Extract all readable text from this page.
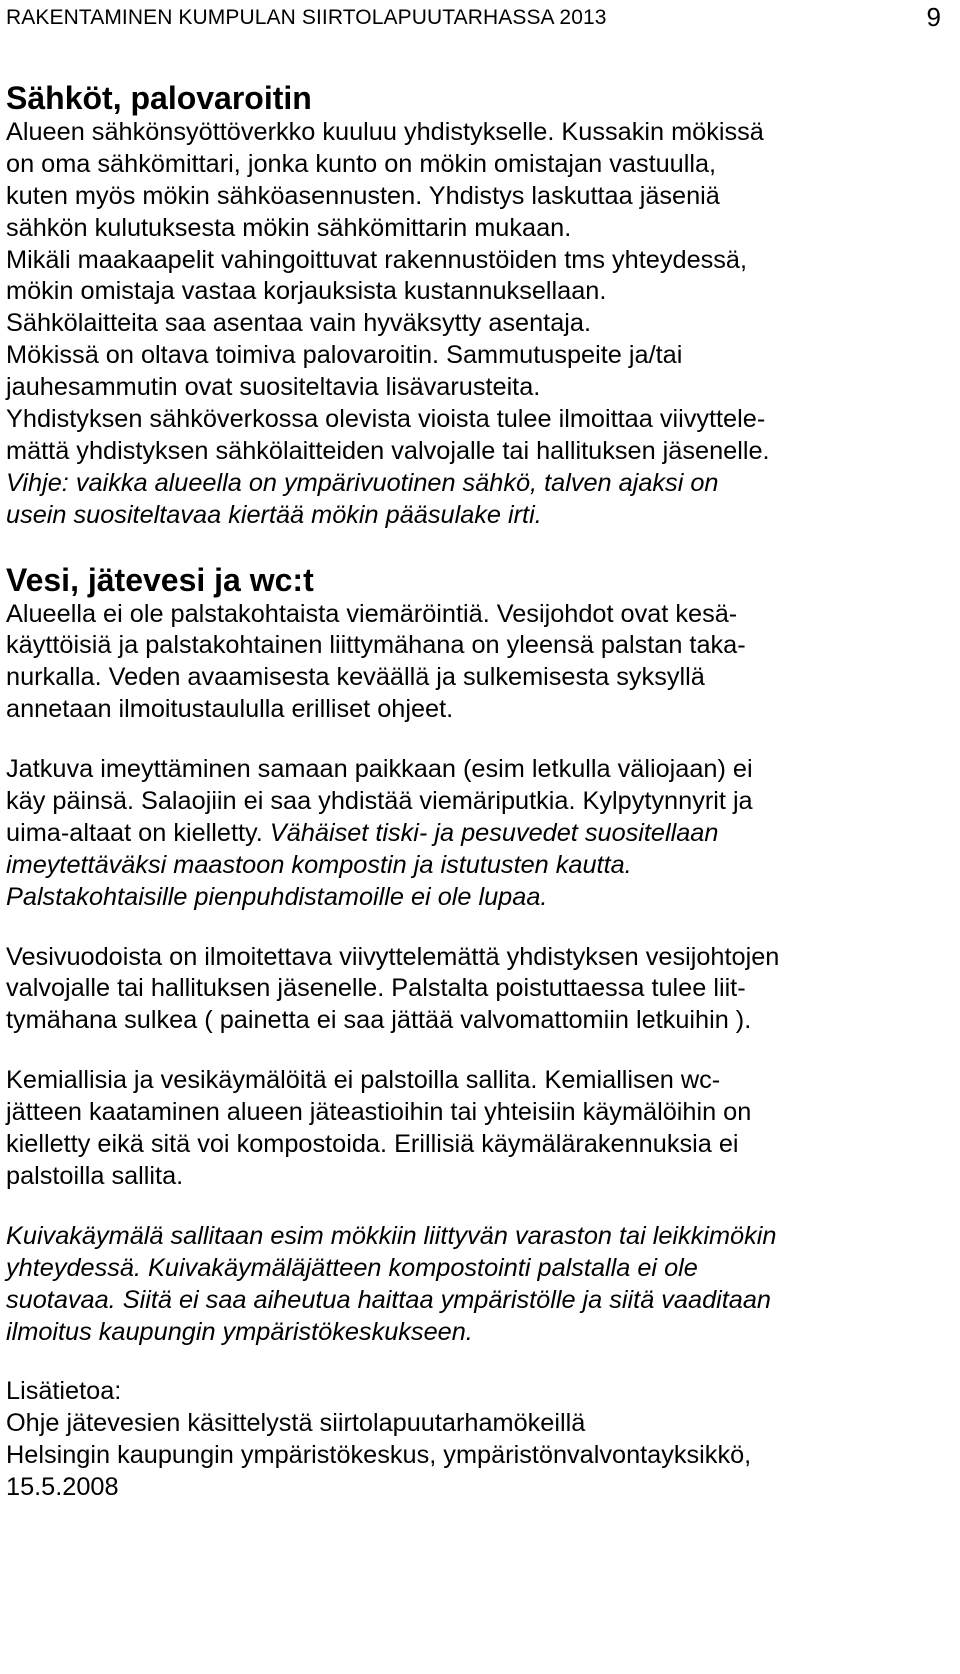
RAKENTAMINEN KUMPULAN SIIRTOLAPUUTARHASSA 2013	9
Sähköt, palovaroitin
Alueen sähkönsyöttöverkko kuuluu yhdistykselle. Kussakin mökissä
on oma sähkömittari, jonka kunto on mökin omistajan vastuulla,
kuten myös mökin sähköasennusten. Yhdistys laskuttaa jäseniä
sähkön kulutuksesta mökin sähkömittarin mukaan.
Mikäli maakaapelit vahingoittuvat rakennustöiden tms yhteydessä,
mökin omistaja vastaa korjauksista kustannuksellaan.
Sähkölaitteita saa asentaa vain hyväksytty asentaja.
Mökissä on oltava toimiva palovaroitin. Sammutuspeite ja/tai
jauhesammutin ovat suositeltavia lisävarusteita.
Yhdistyksen sähköverkossa olevista vioista tulee ilmoittaa viivyttele-
mättä yhdistyksen sähkölaitteiden valvojalle tai hallituksen jäsenelle.
Vihje: vaikka alueella on ympärivuotinen sähkö, talven ajaksi on
usein suositeltavaa kiertää mökin pääsulake irti.
Vesi, jätevesi ja wc:t
Alueella ei ole palstakohtaista viemäröintiä. Vesijohdot ovat kesä-
käyttöisiä ja palstakohtainen liittymähana on yleensä palstan taka-
nurkalla. Veden avaamisesta keväällä ja sulkemisesta syksyllä
annetaan ilmoitustaululla erilliset ohjeet.
Jatkuva imeyttäminen samaan paikkaan (esim letkulla väliojaan) ei
käy päinsä. Salaojiin ei saa yhdistää viemäriputkia. Kylpytynnyrit ja
uima-altaat on kielletty. Vähäiset tiski- ja pesuvedet suositellaan
imeytettäväksi maastoon kompostin ja istutusten kautta.
Palstakohtaisille pienpuhdistamoille ei ole lupaa.
Vesivuodoista on ilmoitettava viivyttelemättä yhdistyksen vesijohtojen
valvojalle tai hallituksen jäsenelle. Palstalta poistuttaessa tulee liit-
tymähana sulkea ( painetta ei saa jättää valvomattomiin letkuihin ).
Kemiallisia ja vesikäymälöitä ei palstoilla sallita. Kemiallisen wc-
jätteen kaataminen alueen jäteastioihin tai yhteisiin käymälöihin on
kielletty eikä sitä voi kompostoida. Erillisiä käymälärakennuksia ei
palstoilla sallita.
Kuivakäymälä sallitaan esim mökkiin liittyvän varaston tai leikkimökin
yhteydessä. Kuivakäymäläjätteen kompostointi palstalla ei ole
suotavaa. Siitä ei saa aiheutua haittaa ympäristölle ja siitä vaaditaan
ilmoitus kaupungin ympäristökeskukseen.
Lisätietoa:
Ohje jätevesien käsittelystä siirtolapuutarhamökeillä
Helsingin kaupungin ympäristökeskus, ympäristönvalvontayksikkö,
15.5.2008
